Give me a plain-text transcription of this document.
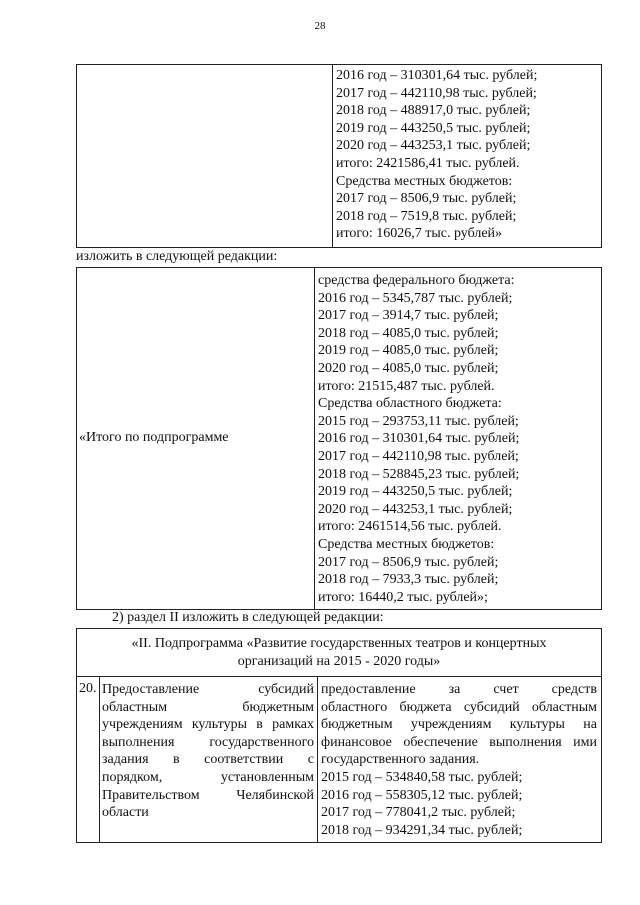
28
2016 год – 310301,64 тыс. рублей;
2017 год – 442110,98 тыс. рублей;
2018 год – 488917,0 тыс. рублей;
2019 год – 443250,5 тыс. рублей;
2020 год – 443253,1 тыс. рублей;
итого: 2421586,41 тыс. рублей.
Средства местных бюджетов:
2017 год – 8506,9 тыс. рублей;
2018 год – 7519,8 тыс. рублей;
итого: 16026,7 тыс. рублей»
изложить в следующей редакции:
«Итого по подпрограмме
средства федерального бюджета:
2016 год – 5345,787 тыс. рублей;
2017 год – 3914,7 тыс. рублей;
2018 год – 4085,0 тыс. рублей;
2019 год – 4085,0 тыс. рублей;
2020 год – 4085,0 тыс. рублей;
итого: 21515,487 тыс. рублей.
Средства областного бюджета:
2015 год – 293753,11 тыс. рублей;
2016 год – 310301,64 тыс. рублей;
2017 год – 442110,98 тыс. рублей;
2018 год – 528845,23 тыс. рублей;
2019 год – 443250,5 тыс. рублей;
2020 год – 443253,1 тыс. рублей;
итого: 2461514,56 тыс. рублей.
Средства местных бюджетов:
2017 год – 8506,9 тыс. рублей;
2018 год – 7933,3 тыс. рублей;
итого: 16440,2 тыс. рублей»;
2) раздел II изложить в следующей редакции:
«II. Подпрограмма «Развитие государственных театров и концертных
организаций на 2015 - 2020 годы»
20. Предоставление субсидий
областным бюджетным
учреждениям культуры в рамках
выполнения государственного
задания в соответствии с
порядком, установленным
Правительством Челябинской
области
предоставление за счет средств
областного бюджета субсидий областным
бюджетным учреждениям культуры на
финансовое обеспечение выполнения ими
государственного задания.
2015 год – 534840,58 тыс. рублей;
2016 год – 558305,12 тыс. рублей;
2017 год – 778041,2 тыс. рублей;
2018 год – 934291,34 тыс. рублей;
